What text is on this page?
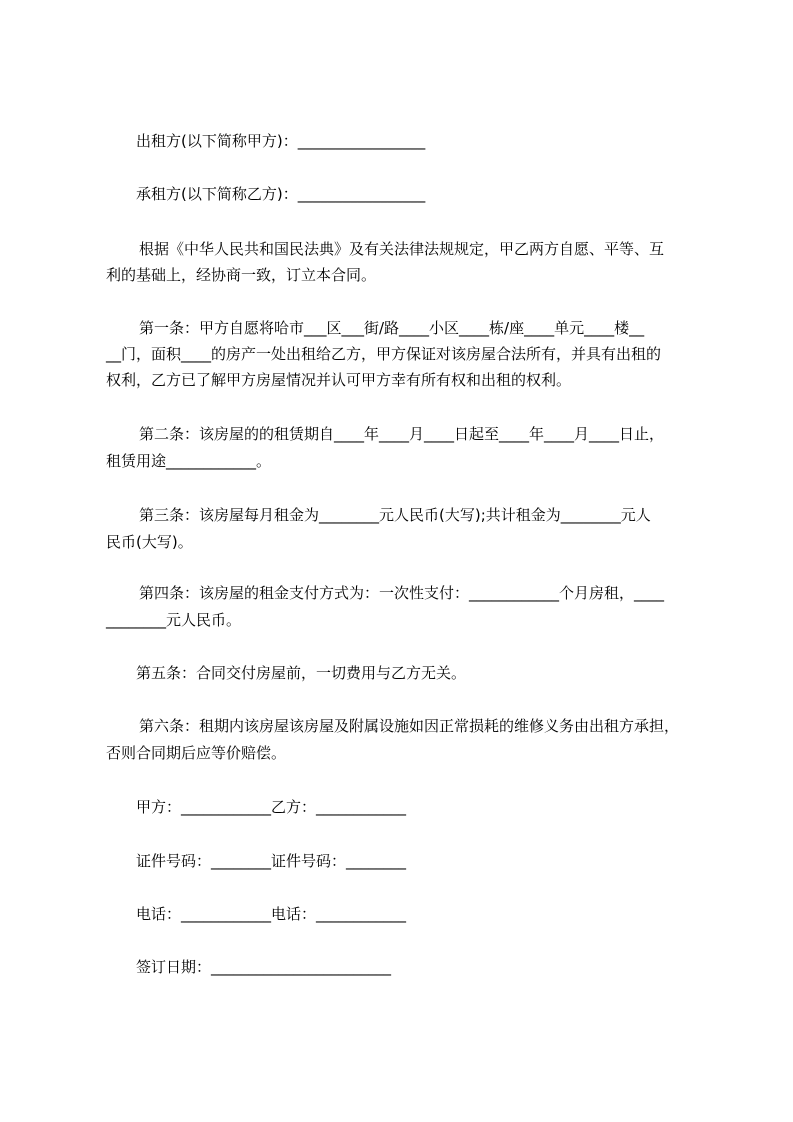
出租方(以下简称甲方)：_________________
承租方(以下简称乙方)：_________________
根据《中华人民共和国民法典》及有关法律法规规定，甲乙两方自愿、平等、互
利的基础上，经协商一致，订立本合同。
第一条：甲方自愿将哈市___区___街/路____小区____栋/座____单元____楼__
__门，面积____的房产一处出租给乙方，甲方保证对该房屋合法所有，并具有出租的
权利，乙方已了解甲方房屋情况并认可甲方幸有所有权和出租的权利。
第二条：该房屋的的租赁期自____年____月____日起至____年____月____日止，
租赁用途____________。
第三条：该房屋每月租金为________元人民币(大写);共计租金为________元人
民币(大写)。
第四条：该房屋的租金支付方式为：一次性支付：____________个月房租，____
________元人民币。
第五条：合同交付房屋前，一切费用与乙方无关。
第六条：租期内该房屋该房屋及附属设施如因正常损耗的维修义务由出租方承担，
否则合同期后应等价赔偿。
甲方：____________乙方：____________
证件号码：________证件号码：________
电话：____________电话：____________
签订日期：________________________
